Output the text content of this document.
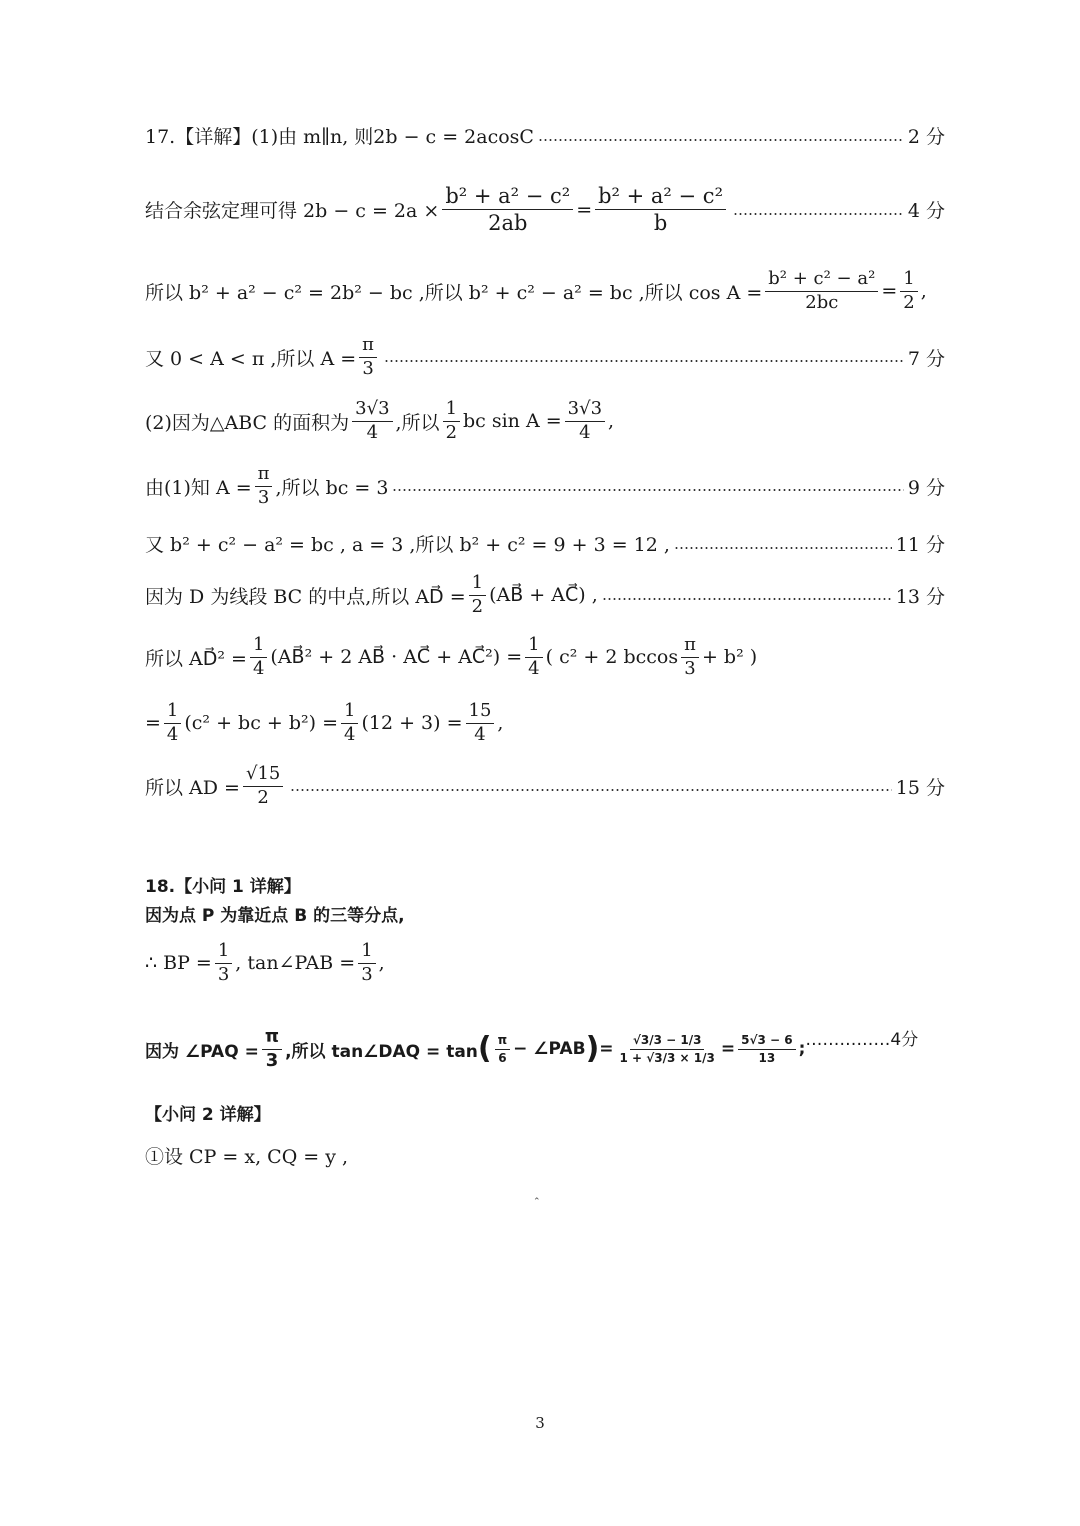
17.【详解】(1)由 m∥n, 则2b − c = 2acosC	2 分
结合余弦定理可得 $2b - c = 2a \times \frac{\text{b² + a² − c²}}{2ab} = \frac{\text{b² + a² − c²}}{b}$	4 分
所以 b² + a² − c² = 2b² − bc ,所以 b² + c² − a² = bc ,所以 $\cos A = \frac{\text{b² + c² − a²}}{2bc} = \frac{1}{2}$ ,
又 0 < A < π ,所以 $A = \frac{\pi}{3}$	7 分
(2)因为△ABC 的面积为 $\frac{3√3}{4}$ ,所以 $\frac{1}{2}$ bc $\sin A = \frac{3√3}{4}$ ,
由(1)知 $A = \frac{\pi}{3}$ ,所以 bc = 3	9 分
又 b² + c² − a² = bc , a = 3 ,所以 b² + c² = 9 + 3 = 12 ,	11 分
因为 D 为线段 BC 的中点,所以 AD⃗ = $\frac{1}{2}$ (AB⃗ + AC⃗) ,	13 分
所以 AD⃗² = $\frac{1}{4}$ (AB⃗² + 2 AB⃗ · AC⃗ + AC⃗²) = $\frac{1}{4}$ ( c² + 2 bccos $\frac{\pi}{3} + b^2$ )
= $\frac{1}{4} (c^2$ + bc + $b^2) = \frac{1}{4} (12 + 3) = \frac{15}{4}$ ,
所以 AD = $\frac{√15}{2}$	15 分
18.【小问 1 详解】
因为点 P 为靠近点 B 的三等分点,
∴ BP = $\frac{1}{3}$ , tan∠PAB = $\frac{1}{3}$ ,
因为 ∠PAQ = $\frac{\pi}{3}$ ,所以 tan∠DAQ = tan ( $\frac{\pi}{6}$ − ∠PAB ) = $\frac{√3/3 - 1/3}{1 + √3/3 \times 1/3} = \frac{5√3 - 6}{13}$ ; ……………4分
【小问 2 详解】
①设 CP = x, CQ = y ,
⌃
3
